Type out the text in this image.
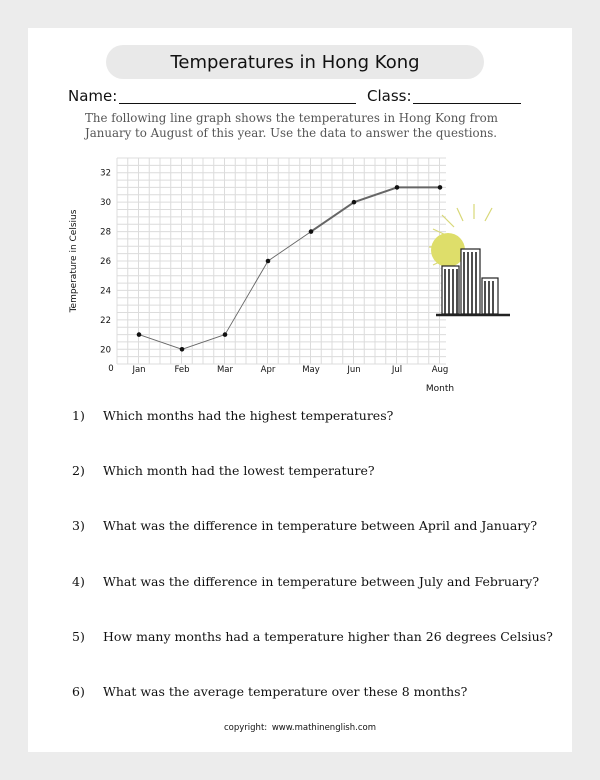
Temperatures in Hong Kong
Name:	Class:
The following line graph shows the temperatures in Hong Kong from January to August of this year. Use the data to answer the questions.
20
22
24
26
28
30
32
0 Jan	Feb	Mar	Apr	May	Jun	Jul	Aug
Month
Temperature in Celsius
1) Which months had the highest temperatures?
2) Which month had the lowest temperature?
3) What was the difference in temperature between April and January?
4) What was the difference in temperature between July and February?
5) How many months had a temperature higher than 26 degrees Celsius?
6) What was the average temperature over these 8 months?
copyright: www.mathinenglish.com
